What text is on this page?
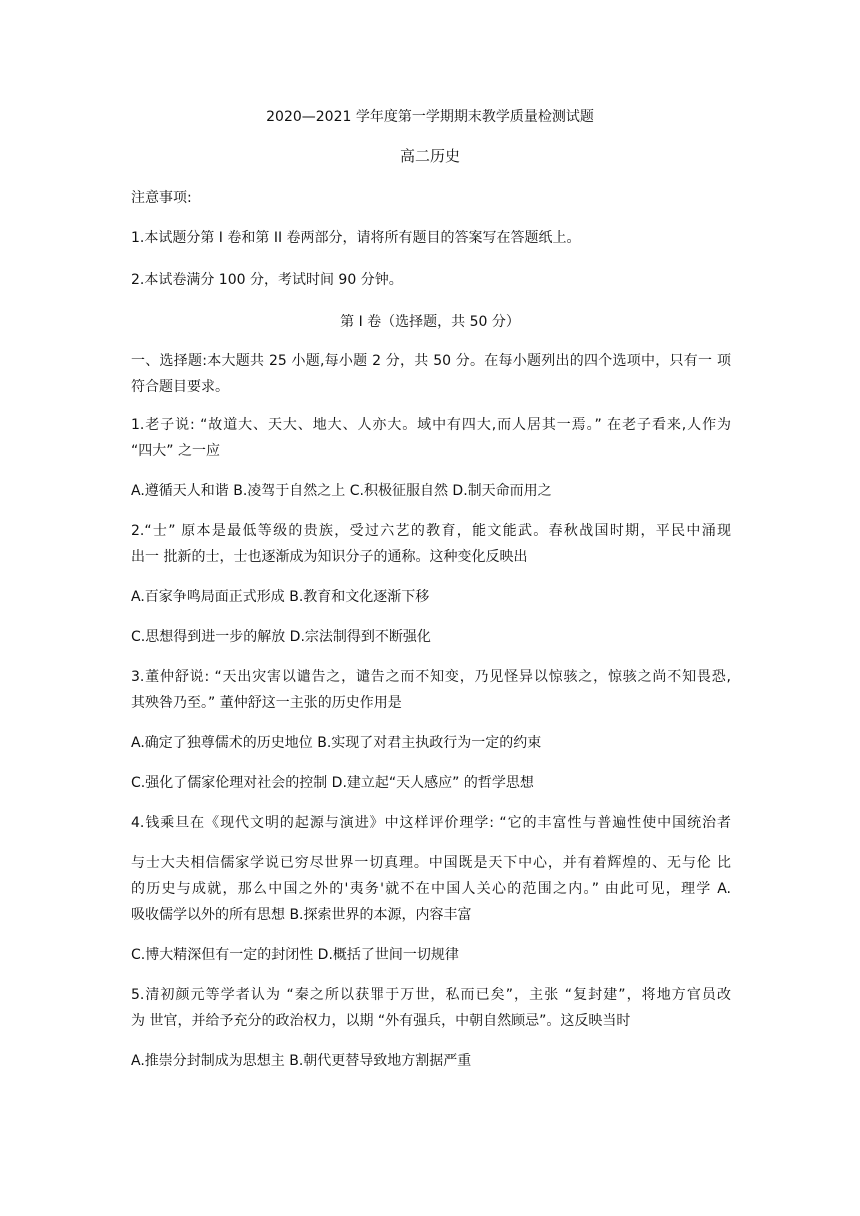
2020—2021 学年度第一学期期末教学质量检测试题
高二历史
注意事项:
1.本试题分第 I 卷和第 II 卷两部分，请将所有题目的答案写在答题纸上。
2.本试卷满分 100 分，考试时间 90 分钟。
第 I 卷（选择题，共 50 分）
一、选择题:本大题共 25 小题,每小题 2 分，共 50 分。在每小题列出的四个选项中，只有一 项
符合题目要求。
1.老子说: “故道大、天大、地大、人亦大。域中有四大,而人居其一焉。” 在老子看来,人作为
“四大” 之一应
A.遵循天人和谐 B.凌驾于自然之上 C.积极征服自然 D.制天命而用之
2.“士” 原本是最低等级的贵族，受过六艺的教育，能文能武。春秋战国时期，平民中涌现
出一 批新的士，士也逐渐成为知识分子的通称。这种变化反映出
A.百家争鸣局面正式形成 B.教育和文化逐渐下移
C.思想得到进一步的解放 D.宗法制得到不断强化
3.董仲舒说: “天出灾害以谴告之，谴告之而不知变，乃见怪异以惊骇之，惊骇之尚不知畏恐,
其殃咎乃至。” 董仲舒这一主张的历史作用是
A.确定了独尊儒术的历史地位 B.实现了对君主执政行为一定的约束
C.强化了儒家伦理对社会的控制 D.建立起“天人感应” 的哲学思想
4.钱乘旦在《现代文明的起源与演进》中这样评价理学: “它的丰富性与普遍性使中国统治者
与士大夫相信儒家学说已穷尽世界一切真理。中国既是天下中心，并有着辉煌的、无与伦 比
的历史与成就，那么中国之外的'夷务'就不在中国人关心的范围之内。” 由此可见，理学 A.
吸收儒学以外的所有思想 B.探索世界的本源，内容丰富
C.博大精深但有一定的封闭性 D.概括了世间一切规律
5.清初颜元等学者认为 “秦之所以获罪于万世，私而已矣”，主张 “复封建”，将地方官员改
为 世官，并给予充分的政治权力，以期 “外有强兵，中朝自然顾忌”。这反映当时
A.推崇分封制成为思想主 B.朝代更替导致地方割据严重
